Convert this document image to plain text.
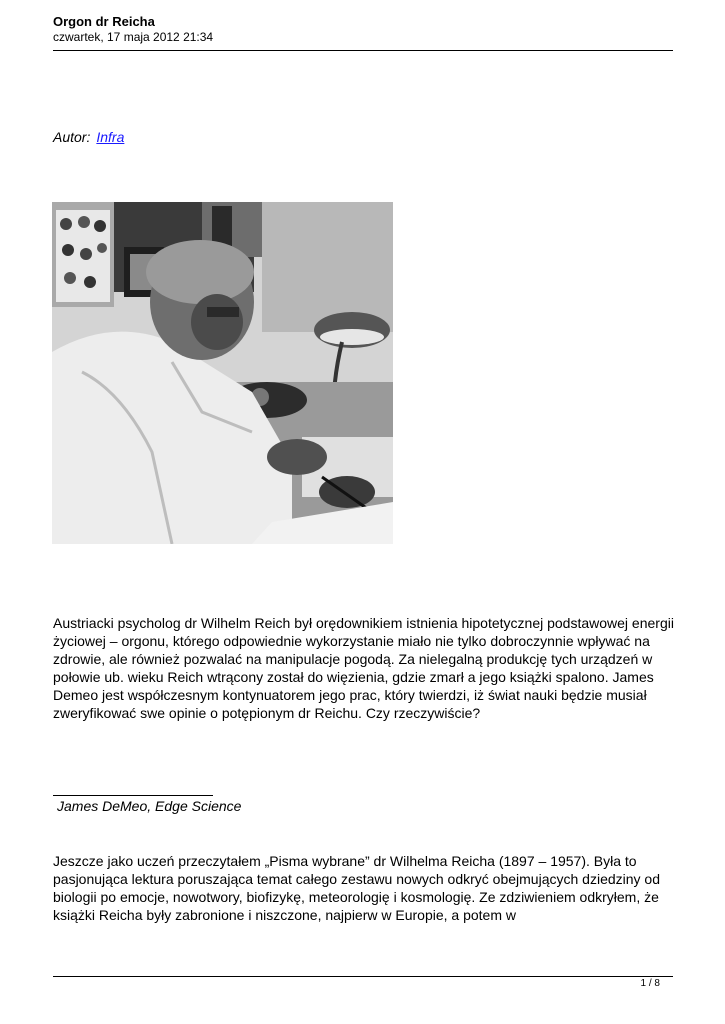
Orgon dr Reicha
czwartek, 17 maja 2012 21:34
Autor: Infra

Austriacki psycholog dr Wilhelm Reich był orędownikiem istnienia hipotetycznej podstawowej energii życiowej – orgonu, którego odpowiednie wykorzystanie miało nie tylko dobroczynnie wpływać na zdrowie, ale również pozwalać na manipulacje pogodą. Za nielegalną produkcję tych urządzeń w połowie ub. wieku Reich wtrącony został do więzienia, gdzie zmarł a jego książki spalono. James Demeo jest współczesnym kontynuatorem jego prac, który twierdzi, iż świat nauki będzie musiał zweryfikować swe opinie o potępionym dr Reichu. Czy rzeczywiście?

James DeMeo, Edge Science

Jeszcze jako uczeń przeczytałem „Pisma wybrane” dr Wilhelma Reicha (1897 – 1957). Była to pasjonująca lektura poruszająca temat całego zestawu nowych odkryć obejmujących dziedziny od biologii po emocje, nowotwory, biofizykę, meteorologię i kosmologię. Ze zdziwieniem odkryłem, że książki Reicha były zabronione i niszczone, najpierw w Europie, a potem w

1 / 8
